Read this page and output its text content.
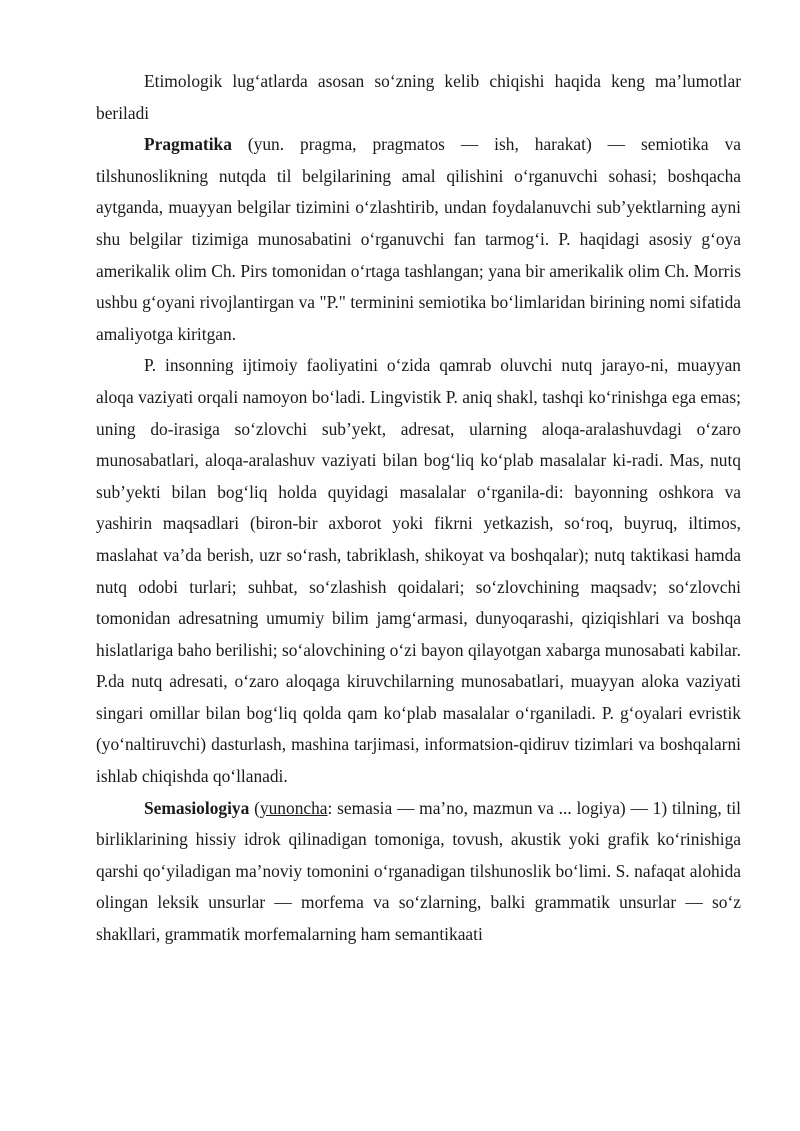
Etimologik lug‘atlarda asosan so‘zning kelib chiqishi haqida keng ma’lumotlar beriladi

Pragmatika (yun. pragma, pragmatos — ish, harakat) — semiotika va tilshunoslikning nutqda til belgilarining amal qilishini o‘rganuvchi sohasi; boshqacha aytganda, muayyan belgilar tizimini o‘zlashtirib, undan foydalanuvchi sub’yektlarning ayni shu belgilar tizimiga munosabatini o‘rganuvchi fan tarmog‘i. P. haqidagi asosiy g‘oya amerikalik olim Ch. Pirs tomonidan o‘rtaga tashlangan; yana bir amerikalik olim Ch. Morris ushbu g‘oyani rivojlantirgan va "P." terminini semiotika bo‘limlaridan birining nomi sifatida amaliyotga kiritgan.

P. insonning ijtimoiy faoliyatini o‘zida qamrab oluvchi nutq jarayo-ni, muayyan aloqa vaziyati orqali namoyon bo‘ladi. Lingvistik P. aniq shakl, tashqi ko‘rinishga ega emas; uning do-irasiga so‘zlovchi sub’yekt, adresat, ularning aloqa-aralashuvdagi o‘zaro munosabatlari, aloqa-aralashuv vaziyati bilan bog‘liq ko‘plab masalalar ki-radi. Mas, nutq sub’yekti bilan bog‘liq holda quyidagi masalalar o‘rganila-di: bayonning oshkora va yashirin maqsadlari (biron-bir axborot yoki fikrni yetkazish, so‘roq, buyruq, iltimos, maslahat va’da berish, uzr so‘rash, tabriklash, shikoyat va boshqalar); nutq taktikasi hamda nutq odobi turlari; suhbat, so‘zlashish qoidalari; so‘zlovchining maqsadv; so‘zlovchi tomonidan adresatning umumiy bilim jamg‘armasi, dunyoqarashi, qiziqishlari va boshqa hislatlariga baho berilishi; so‘alovchining o‘zi bayon qilayotgan xabarga munosabati kabilar. P.da nutq adresati, o‘zaro aloqaga kiruvchilarning munosabatlari, muayyan aloka vaziyati singari omillar bilan bog‘liq qolda qam ko‘plab masalalar o‘rganiladi. P. g‘oyalari evristik (yo‘naltiruvchi) dasturlash, mashina tarjimasi, informatsion-qidiruv tizimlari va boshqalarni ishlab chiqishda qo‘llanadi.

Semasiologiya (yunoncha: semasia — ma’no, mazmun va ... logiya) — 1) tilning, til birliklarining hissiy idrok qilinadigan tomoniga, tovush, akustik yoki grafik ko‘rinishiga qarshi qo‘yiladigan ma’noviy tomonini o‘rganadigan tilshunoslik bo‘limi. S. nafaqat alohida olingan leksik unsurlar — morfema va so‘zlarning, balki grammatik unsurlar — so‘z shakllari, grammatik morfemalarning ham semantikaati
